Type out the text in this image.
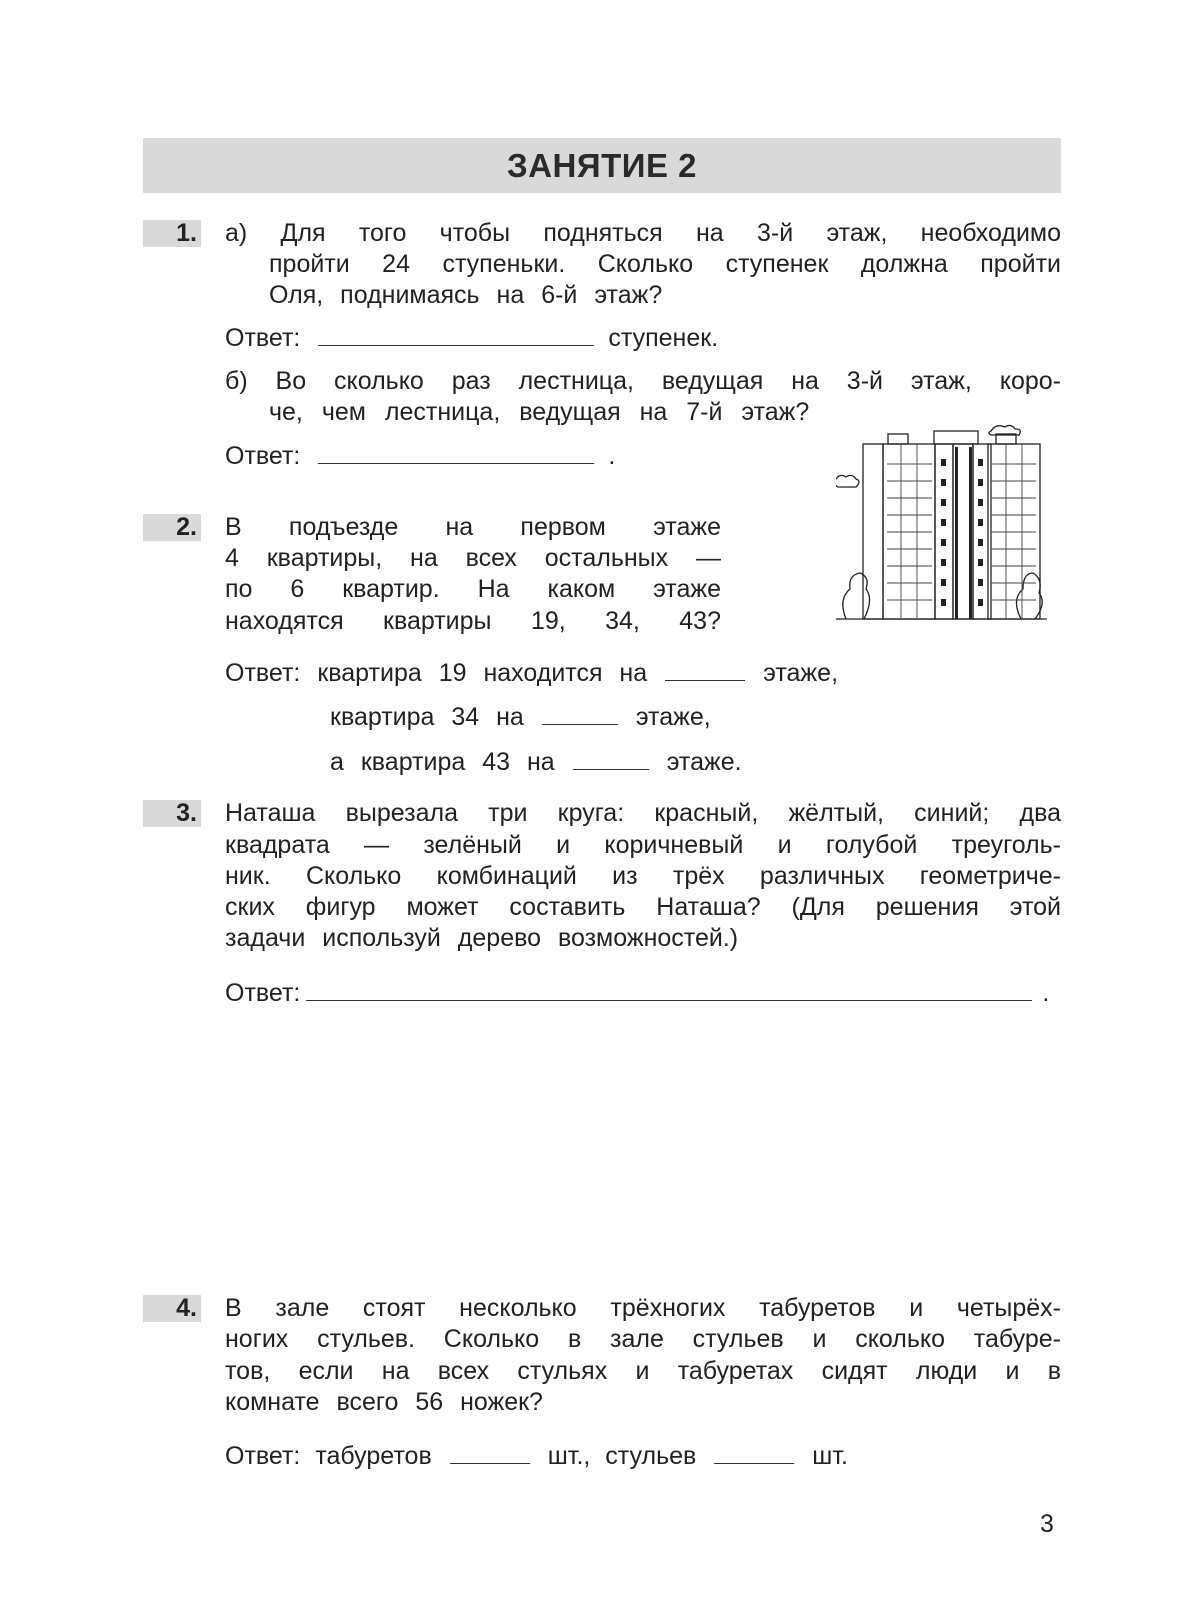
ЗАНЯТИЕ 2
1. а) Для того чтобы подняться на 3-й этаж, необходимо
пройти 24 ступеньки. Сколько ступенек должна пройти
Оля, поднимаясь на 6-й этаж?
Ответ:	ступенек.
б) Во сколько раз лестница, ведущая на 3-й этаж, коро-
че, чем лестница, ведущая на 7-й этаж?
Ответ:	.
2. В подъезде на первом этаже
4 квартиры, на всех остальных —
по 6 квартир. На каком этаже
находятся квартиры 19, 34, 43?
Ответ: квартира 19 находится на	этаже,
квартира 34 на	этаже,
а квартира 43 на	этаже.
3. Наташа вырезала три круга: красный, жёлтый, синий; два
квадрата — зелёный и коричневый и голубой треуголь-
ник. Сколько комбинаций из трёх различных геометриче-
ских фигур может составить Наташа? (Для решения этой
задачи используй дерево возможностей.)
Ответ:	.
4. В зале стоят несколько трёхногих табуретов и четырёх-
ногих стульев. Сколько в зале стульев и сколько табуре-
тов, если на всех стульях и табуретах сидят люди и в
комнате всего 56 ножек?
Ответ: табуретов	шт., стульев	шт.
3
